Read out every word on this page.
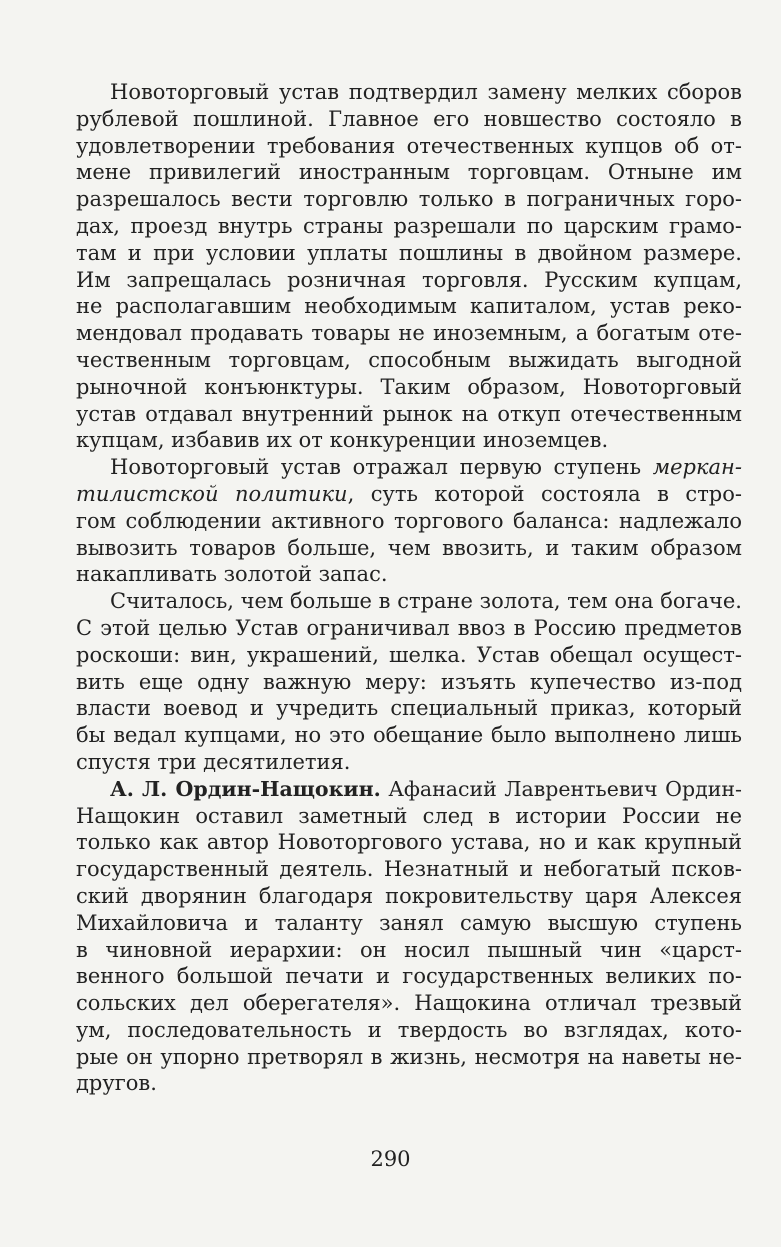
Новоторговый устав подтвердил замену мелких сборов
рублевой пошлиной. Главное его новшество состояло в
удовлетворении требования отечественных купцов об от-
мене привилегий иностранным торговцам. Отныне им
разрешалось вести торговлю только в пограничных горо-
дах, проезд внутрь страны разрешали по царским грамо-
там и при условии уплаты пошлины в двойном размере.
Им запрещалась розничная торговля. Русским купцам,
не располагавшим необходимым капиталом, устав реко-
мендовал продавать товары не иноземным, а богатым оте-
чественным торговцам, способным выжидать выгодной
рыночной конъюнктуры. Таким образом, Новоторговый
устав отдавал внутренний рынок на откуп отечественным
купцам, избавив их от конкуренции иноземцев.
Новоторговый устав отражал первую ступень меркан-
тилистской политики, суть которой состояла в стро-
гом соблюдении активного торгового баланса: надлежало
вывозить товаров больше, чем ввозить, и таким образом
накапливать золотой запас.
Считалось, чем больше в стране золота, тем она богаче.
С этой целью Устав ограничивал ввоз в Россию предметов
роскоши: вин, украшений, шелка. Устав обещал осущест-
вить еще одну важную меру: изъять купечество из-под
власти воевод и учредить специальный приказ, который
бы ведал купцами, но это обещание было выполнено лишь
спустя три десятилетия.
А. Л. Ордин-Нащокин. Афанасий Лаврентьевич Ордин-
Нащокин оставил заметный след в истории России не
только как автор Новоторгового устава, но и как крупный
государственный деятель. Незнатный и небогатый псков-
ский дворянин благодаря покровительству царя Алексея
Михайловича и таланту занял самую высшую ступень
в чиновной иерархии: он носил пышный чин «царст-
венного большой печати и государственных великих по-
сольских дел оберегателя». Нащокина отличал трезвый
ум, последовательность и твердость во взглядах, кото-
рые он упорно претворял в жизнь, несмотря на наветы не-
другов.
290
